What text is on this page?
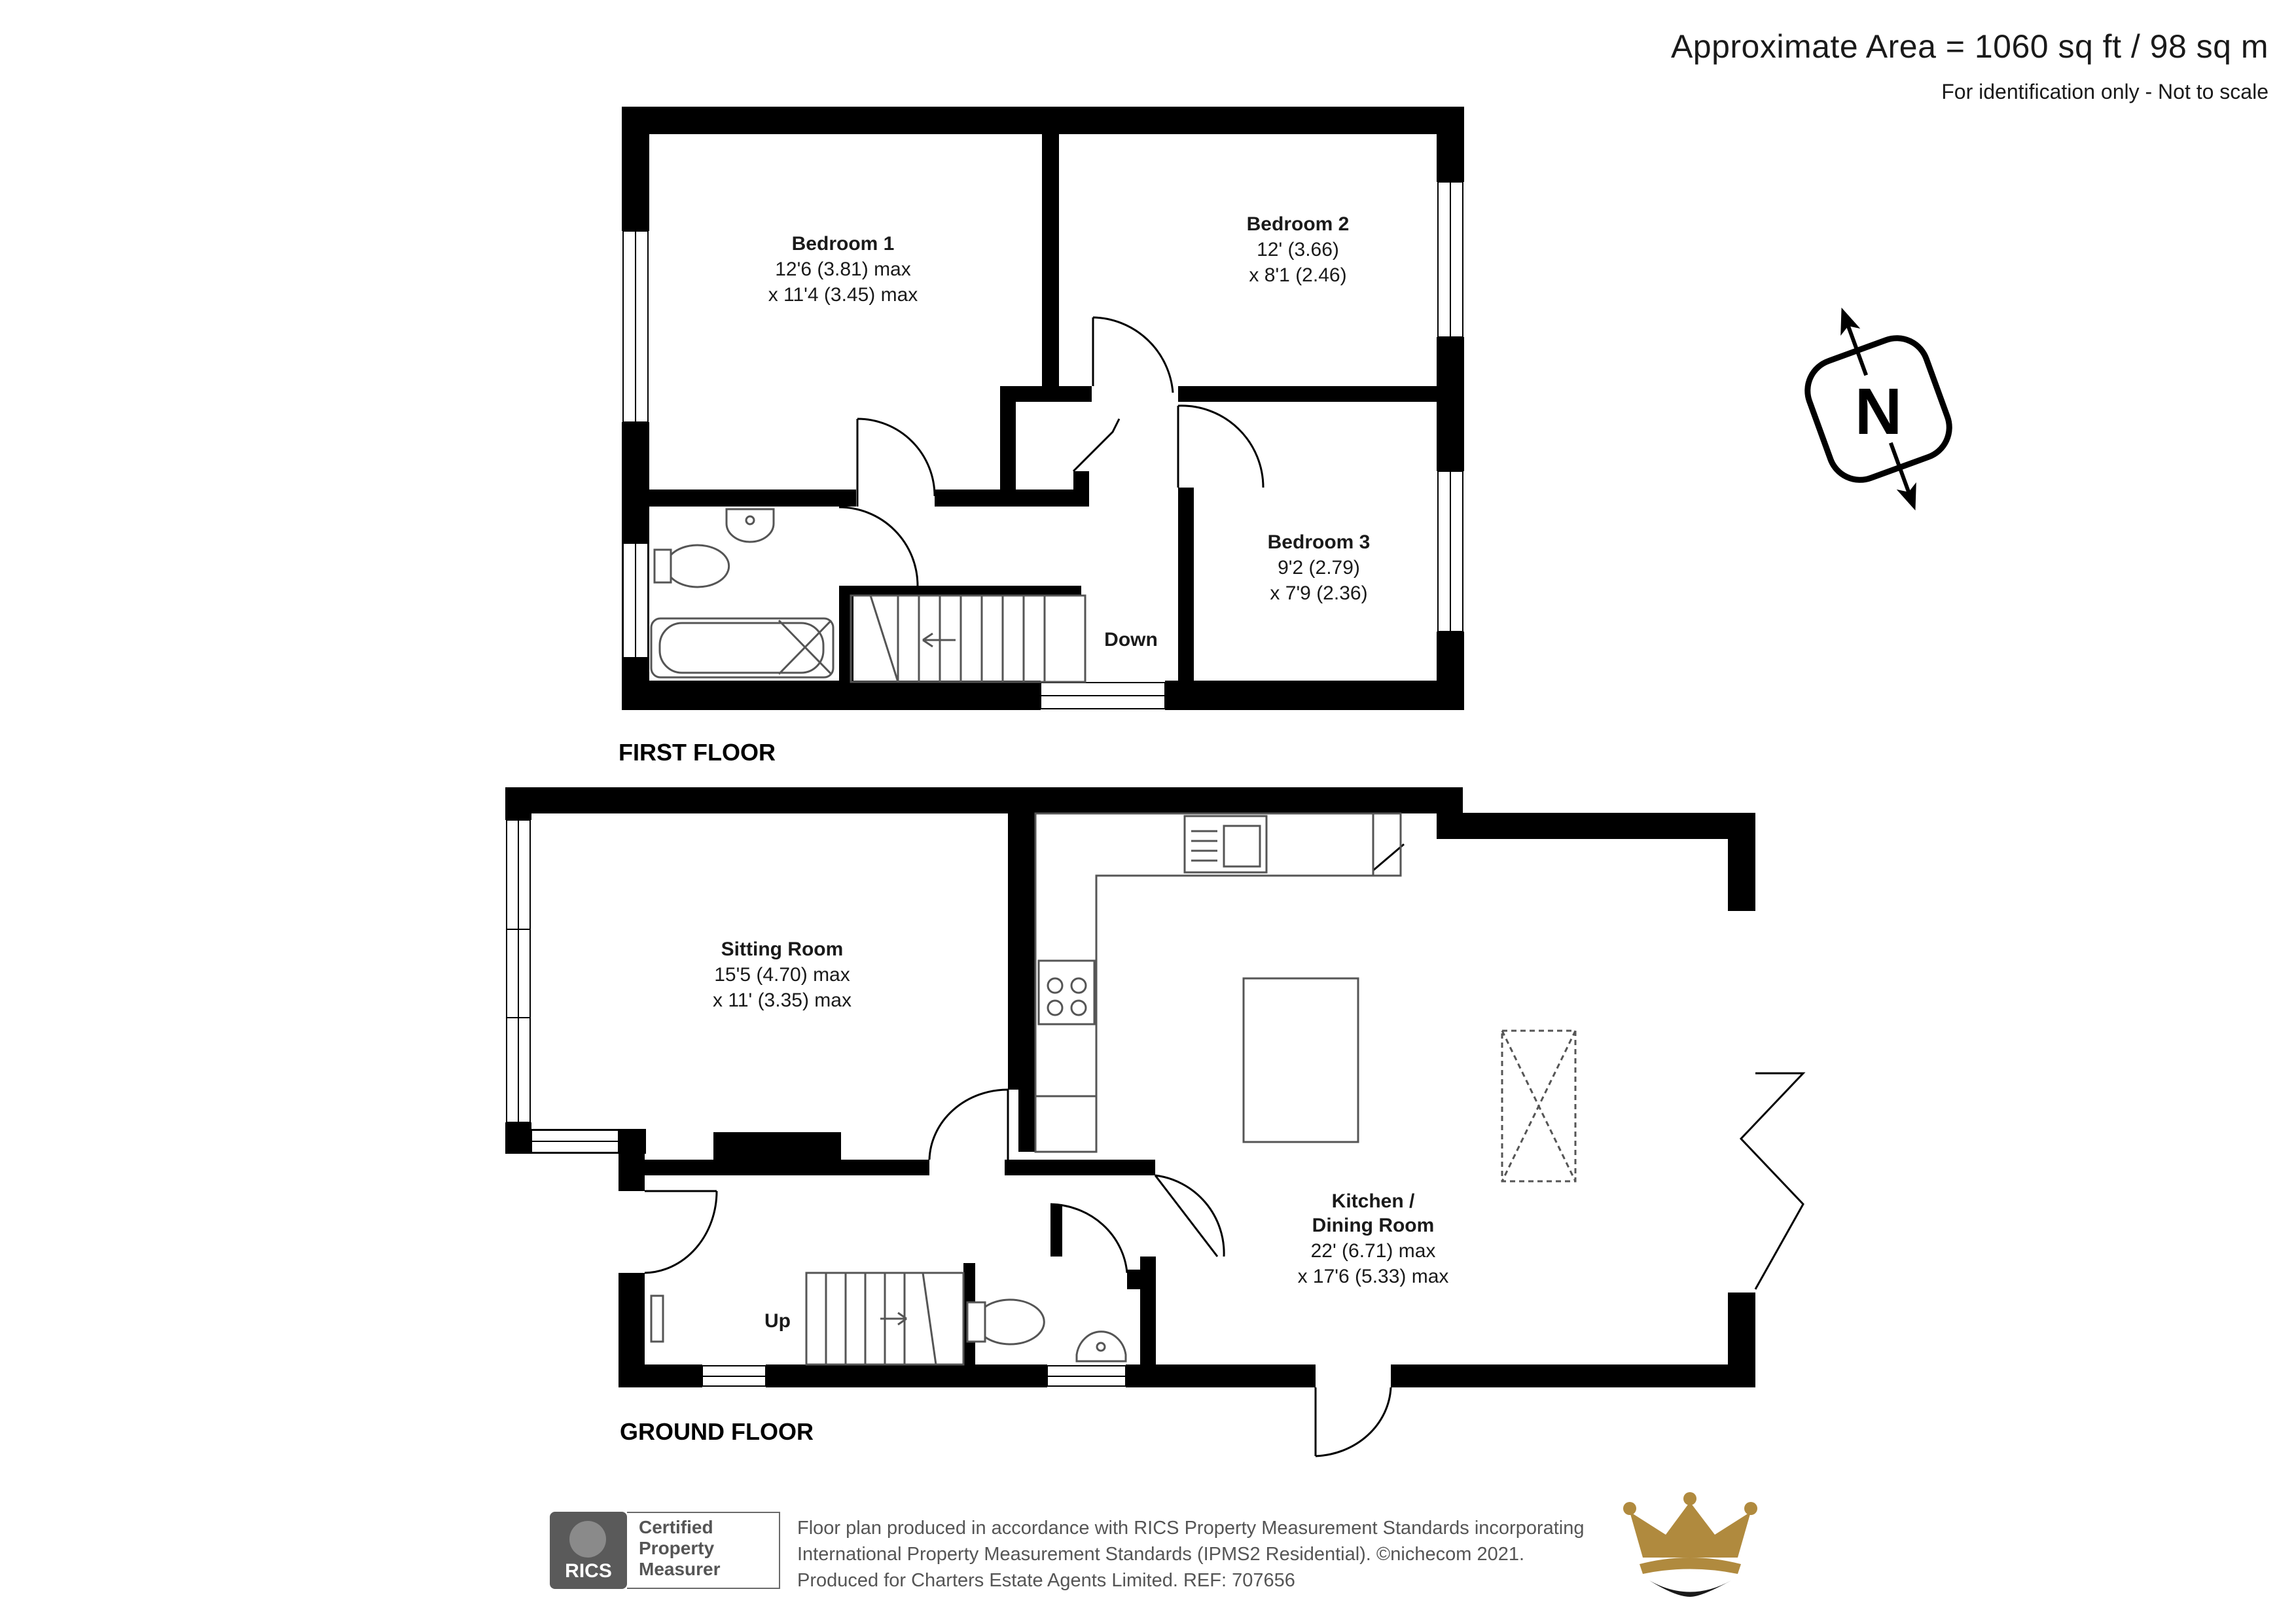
Approximate Area = 1060 sq ft / 98 sq m
For identification only - Not to scale
Bedroom 1
12'6 (3.81) max
x 11'4 (3.45) max
Bedroom 2
12' (3.66)
x 8'1 (2.46)
Bedroom 3
9'2 (2.79)
x 7'9 (2.36)
Down
FIRST FLOOR
Sitting Room
15'5 (4.70) max
x 11' (3.35) max
Kitchen /
Dining Room
22' (6.71) max
x 17'6 (5.33) max
Up
GROUND FLOOR
N
RICS
Certified
Property
Measurer
Floor plan produced in accordance with RICS Property Measurement Standards incorporating
International Property Measurement Standards (IPMS2 Residential). ©nichecom 2021.
Produced for Charters Estate Agents Limited. REF: 707656
